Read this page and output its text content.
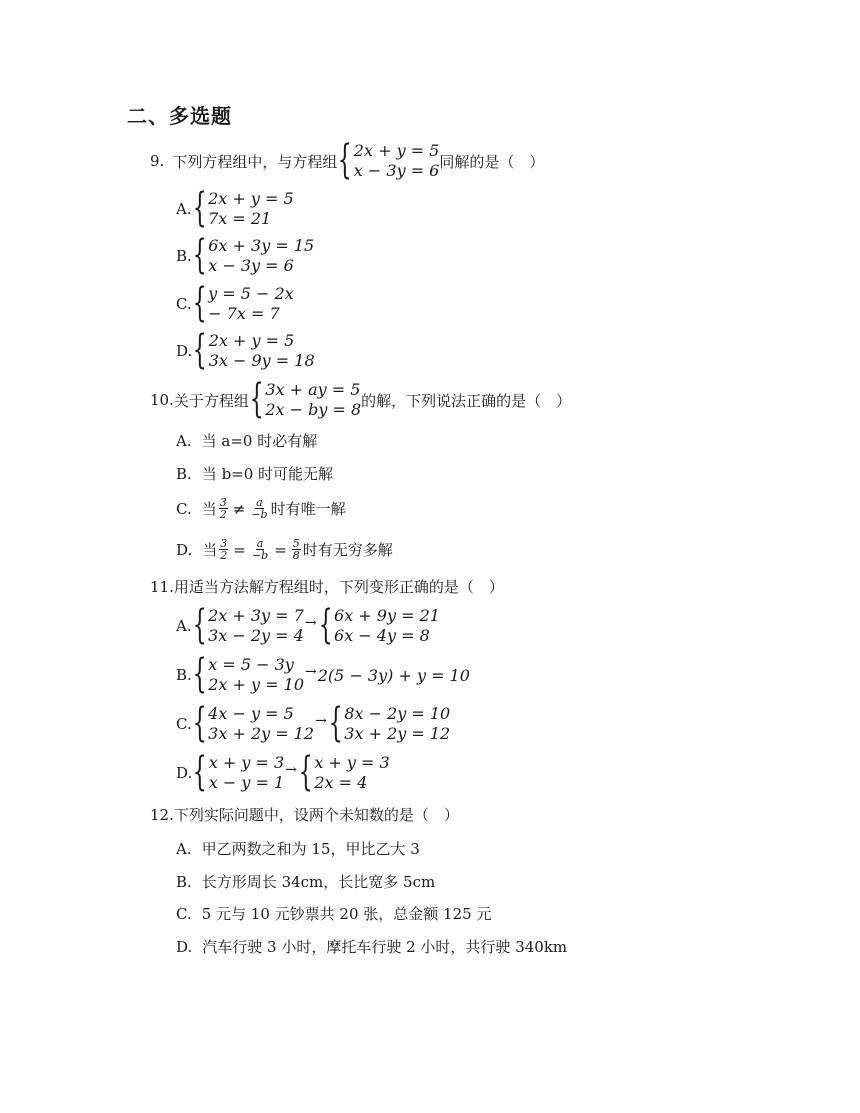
二、多选题
9. 下列方程组中，与方程组 { 2x + y = 5
x − 3y = 6 同解的是（　）
A. { 2x + y = 5
7x = 21
B. { 6x + 3y = 15
x − 3y = 6
C. { y = 5 − 2x
− 7x = 7
D. { 2x + y = 5
3x − 9y = 18
10. 关于方程组 { 3x + ay = 5
2x − by = 8 的解，下列说法正确的是（　）
A. 当 a=0 时必有解
B. 当 b=0 时可能无解
C. 当 $\frac{3}{2} \ne \frac{a}{-b}$ 时有唯一解
D. 当 $\frac{3}{2} = \frac{a}{-b} = \frac{5}{8}$ 时有无穷多解
11. 用适当方法解方程组时，下列变形正确的是（　）
A. { 2x + 3y = 7
3x − 2y = 4
→ { 6x + 9y = 21
6x − 4y = 8
B. { x = 5 − 3y
2x + y = 10
→ 2(5 − 3y) + y = 10
C. { 4x − y = 5
3x + 2y = 12
→ { 8x − 2y = 10
3x + 2y = 12
D. { x + y = 3
x − y = 1
→ { x + y = 3
2x = 4
12. 下列实际问题中，设两个未知数的是（　）
A. 甲乙两数之和为 15，甲比乙大 3
B. 长方形周长 34cm，长比宽多 5cm
C. 5 元与 10 元钞票共 20 张，总金额 125 元
D. 汽车行驶 3 小时，摩托车行驶 2 小时，共行驶 340km
